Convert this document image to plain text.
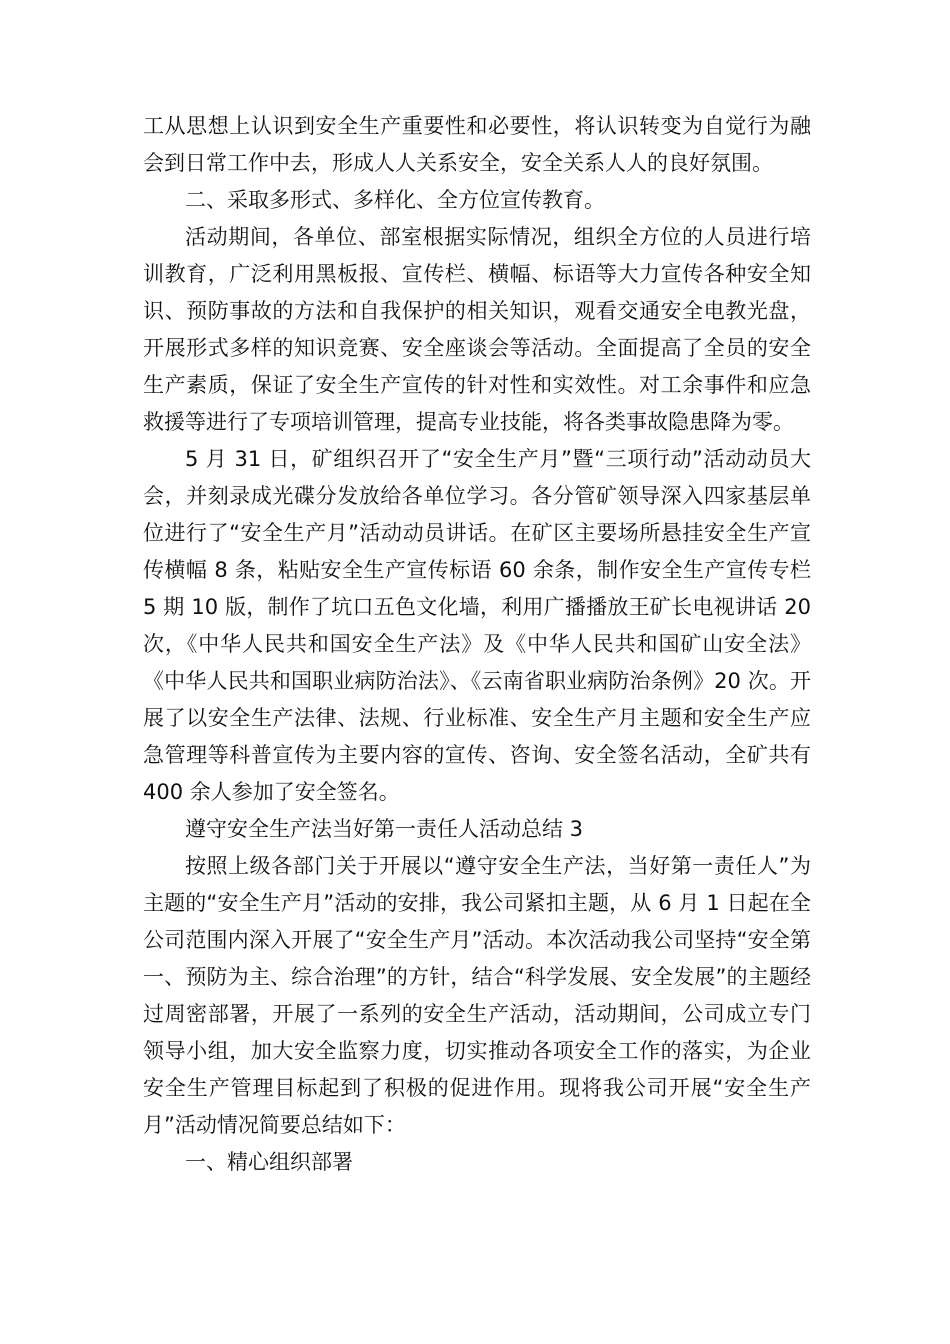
工从思想上认识到安全生产重要性和必要性，将认识转变为自觉行为融会到日常工作中去，形成人人关系安全，安全关系人人的良好氛围。

二、采取多形式、多样化、全方位宣传教育。

活动期间，各单位、部室根据实际情况，组织全方位的人员进行培训教育，广泛利用黑板报、宣传栏、横幅、标语等大力宣传各种安全知识、预防事故的方法和自我保护的相关知识，观看交通安全电教光盘，开展形式多样的知识竞赛、安全座谈会等活动。全面提高了全员的安全生产素质，保证了安全生产宣传的针对性和实效性。对工余事件和应急救援等进行了专项培训管理，提高专业技能，将各类事故隐患降为零。

5 月 31 日，矿组织召开了“安全生产月”暨“三项行动”活动动员大会，并刻录成光碟分发放给各单位学习。各分管矿领导深入四家基层单位进行了“安全生产月”活动动员讲话。在矿区主要场所悬挂安全生产宣传横幅 8 条，粘贴安全生产宣传标语 60 余条，制作安全生产宣传专栏 5 期 10 版，制作了坑口五色文化墙，利用广播播放王矿长电视讲话 20 次，《中华人民共和国安全生产法》及《中华人民共和国矿山安全法》《中华人民共和国职业病防治法》、《云南省职业病防治条例》20 次。开展了以安全生产法律、法规、行业标准、安全生产月主题和安全生产应急管理等科普宣传为主要内容的宣传、咨询、安全签名活动，全矿共有 400 余人参加了安全签名。

遵守安全生产法当好第一责任人活动总结 3

按照上级各部门关于开展以“遵守安全生产法，当好第一责任人”为主题的“安全生产月”活动的安排，我公司紧扣主题，从 6 月 1 日起在全公司范围内深入开展了“安全生产月”活动。本次活动我公司坚持“安全第一、预防为主、综合治理”的方针，结合“科学发展、安全发展”的主题经过周密部署，开展了一系列的安全生产活动，活动期间，公司成立专门领导小组，加大安全监察力度，切实推动各项安全工作的落实，为企业安全生产管理目标起到了积极的促进作用。现将我公司开展“安全生产月”活动情况简要总结如下：

一、精心组织部署
